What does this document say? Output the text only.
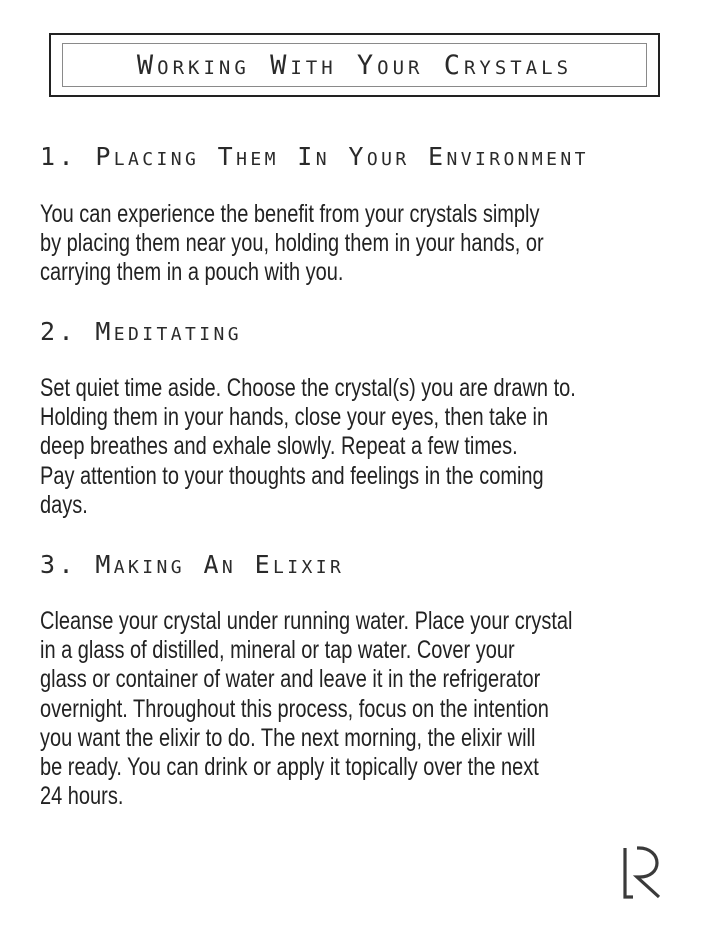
Working With Your Crystals
1. Placing Them In Your Environment

You can experience the benefit from your crystals simply
by placing them near you, holding them in your hands, or
carrying them in a pouch with you.

2. Meditating

Set quiet time aside. Choose the crystal(s) you are drawn to.
Holding them in your hands, close your eyes, then take in
deep breathes and exhale slowly. Repeat a few times.
Pay attention to your thoughts and feelings in the coming
days.

3. Making An Elixir

Cleanse your crystal under running water. Place your crystal
in a glass of distilled, mineral or tap water. Cover your
glass or container of water and leave it in the refrigerator
overnight. Throughout this process, focus on the intention
you want the elixir to do. The next morning, the elixir will
be ready. You can drink or apply it topically over the next
24 hours.
